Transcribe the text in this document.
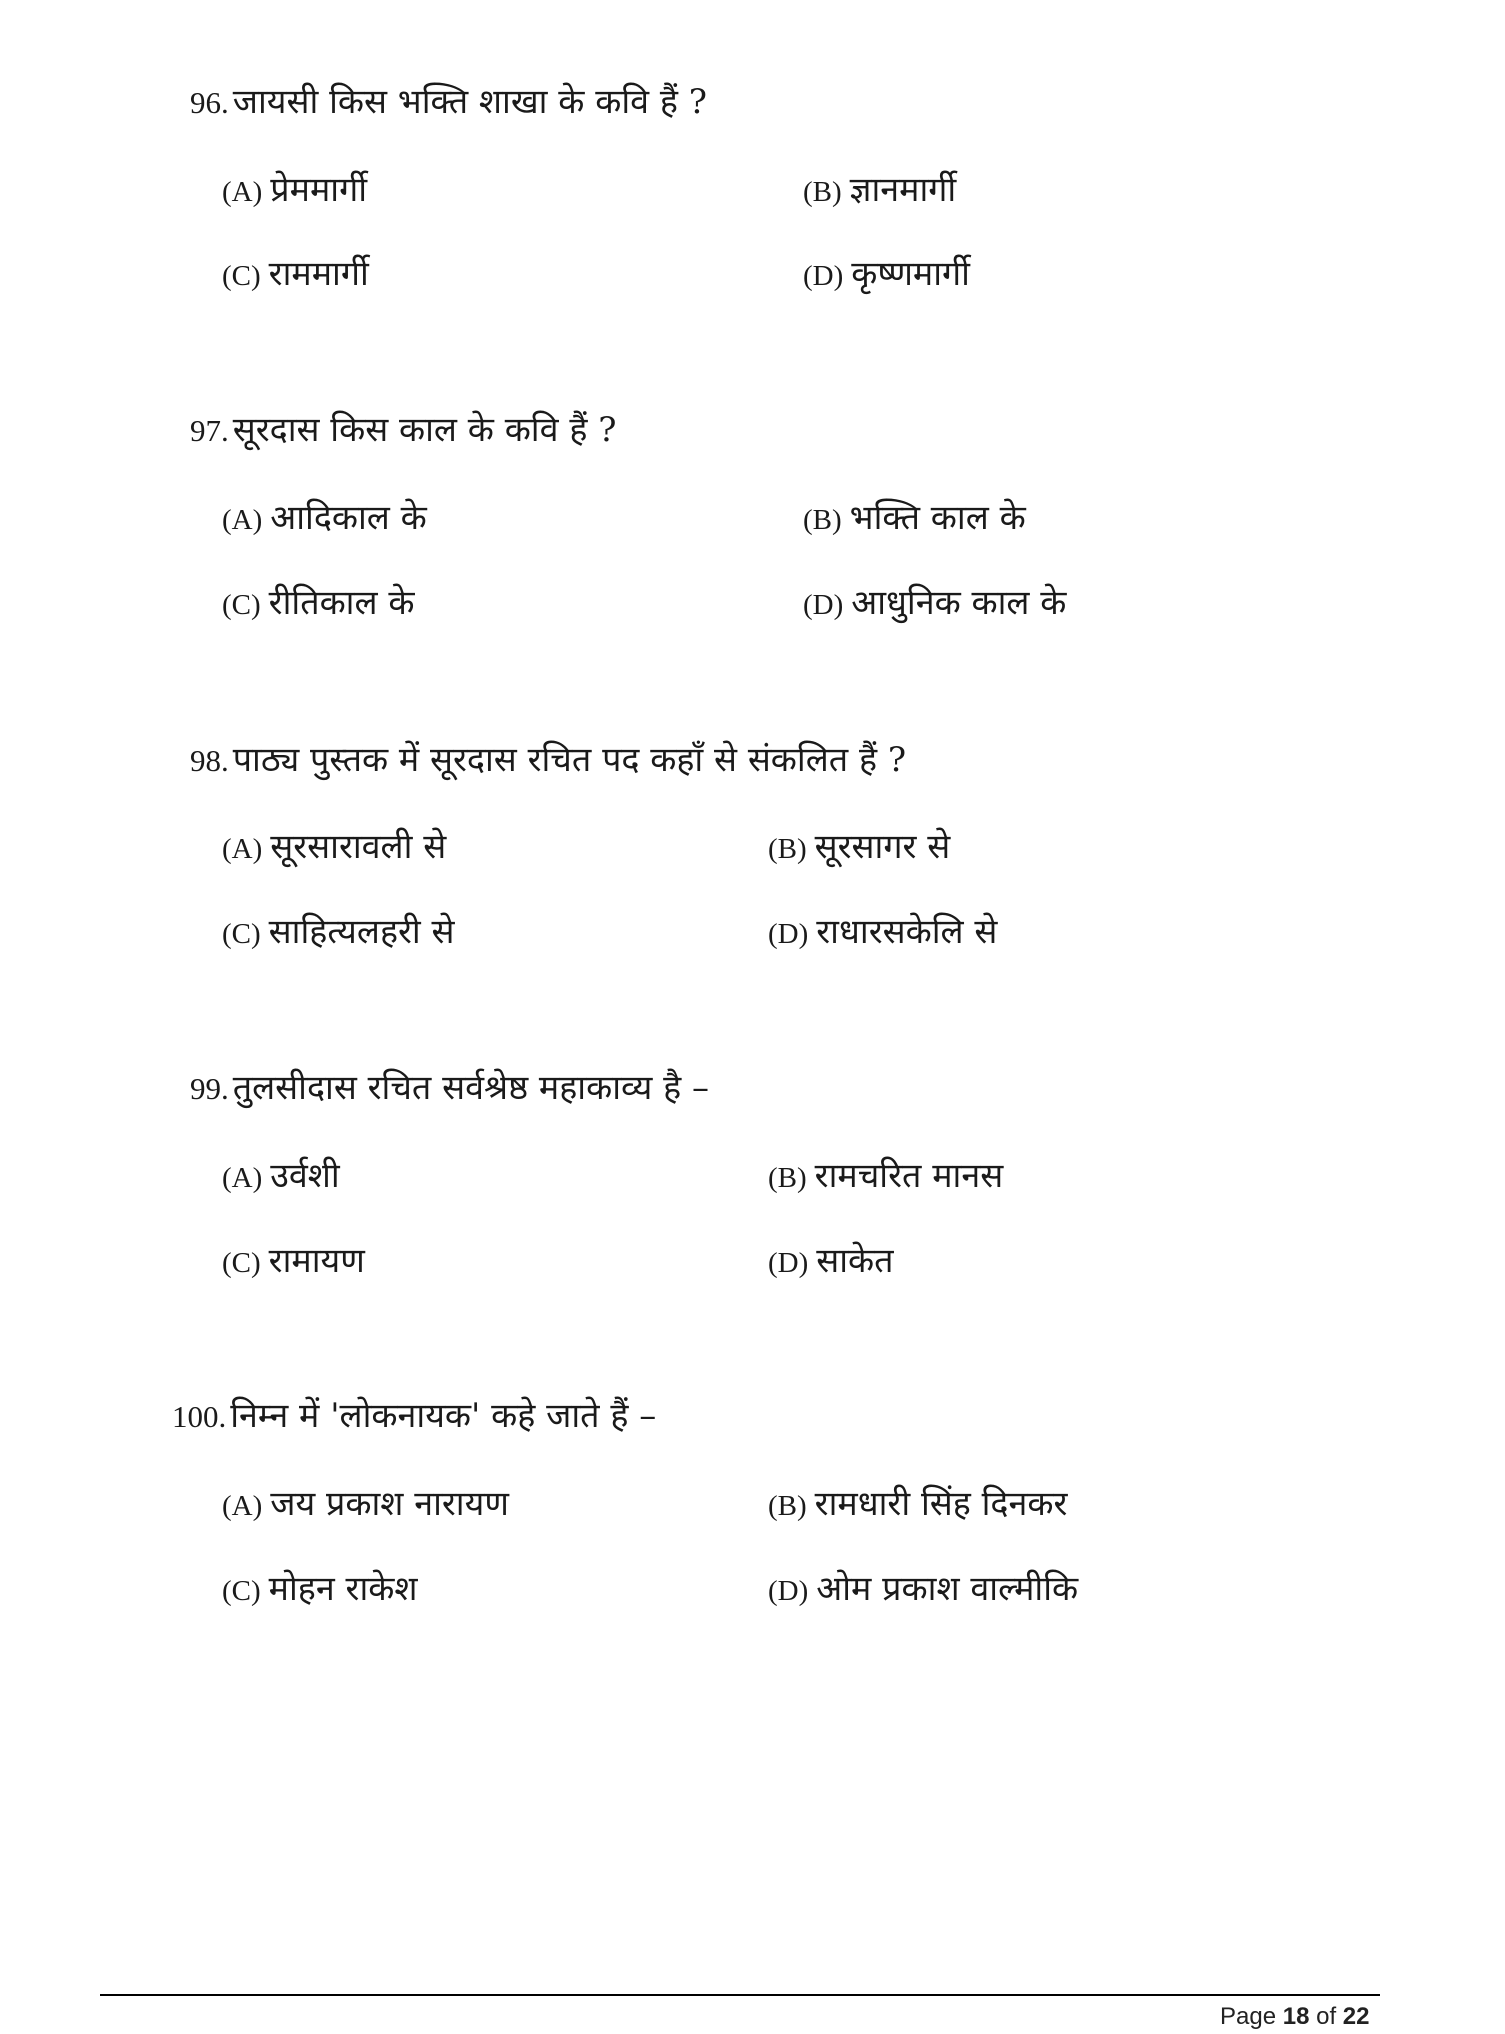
96. जायसी किस भक्ति शाखा के कवि हैं ?
(A) प्रेममार्गी	(B) ज्ञानमार्गी
(C) राममार्गी	(D) कृष्णमार्गी
97. सूरदास किस काल के कवि हैं ?
(A) आदिकाल के	(B) भक्ति काल के
(C) रीतिकाल के	(D) आधुनिक काल के
98. पाठ्य पुस्तक में सूरदास रचित पद कहाँ से संकलित हैं ?
(A) सूरसारावली से	(B) सूरसागर से
(C) साहित्यलहरी से	(D) राधारसकेलि से
99. तुलसीदास रचित सर्वश्रेष्ठ महाकाव्य है –
(A) उर्वशी	(B) रामचरित मानस
(C) रामायण	(D) साकेत
100. निम्न में 'लोकनायक' कहे जाते हैं –
(A) जय प्रकाश नारायण	(B) रामधारी सिंह दिनकर
(C) मोहन राकेश	(D) ओम प्रकाश वाल्मीकि
Page 18 of 22
